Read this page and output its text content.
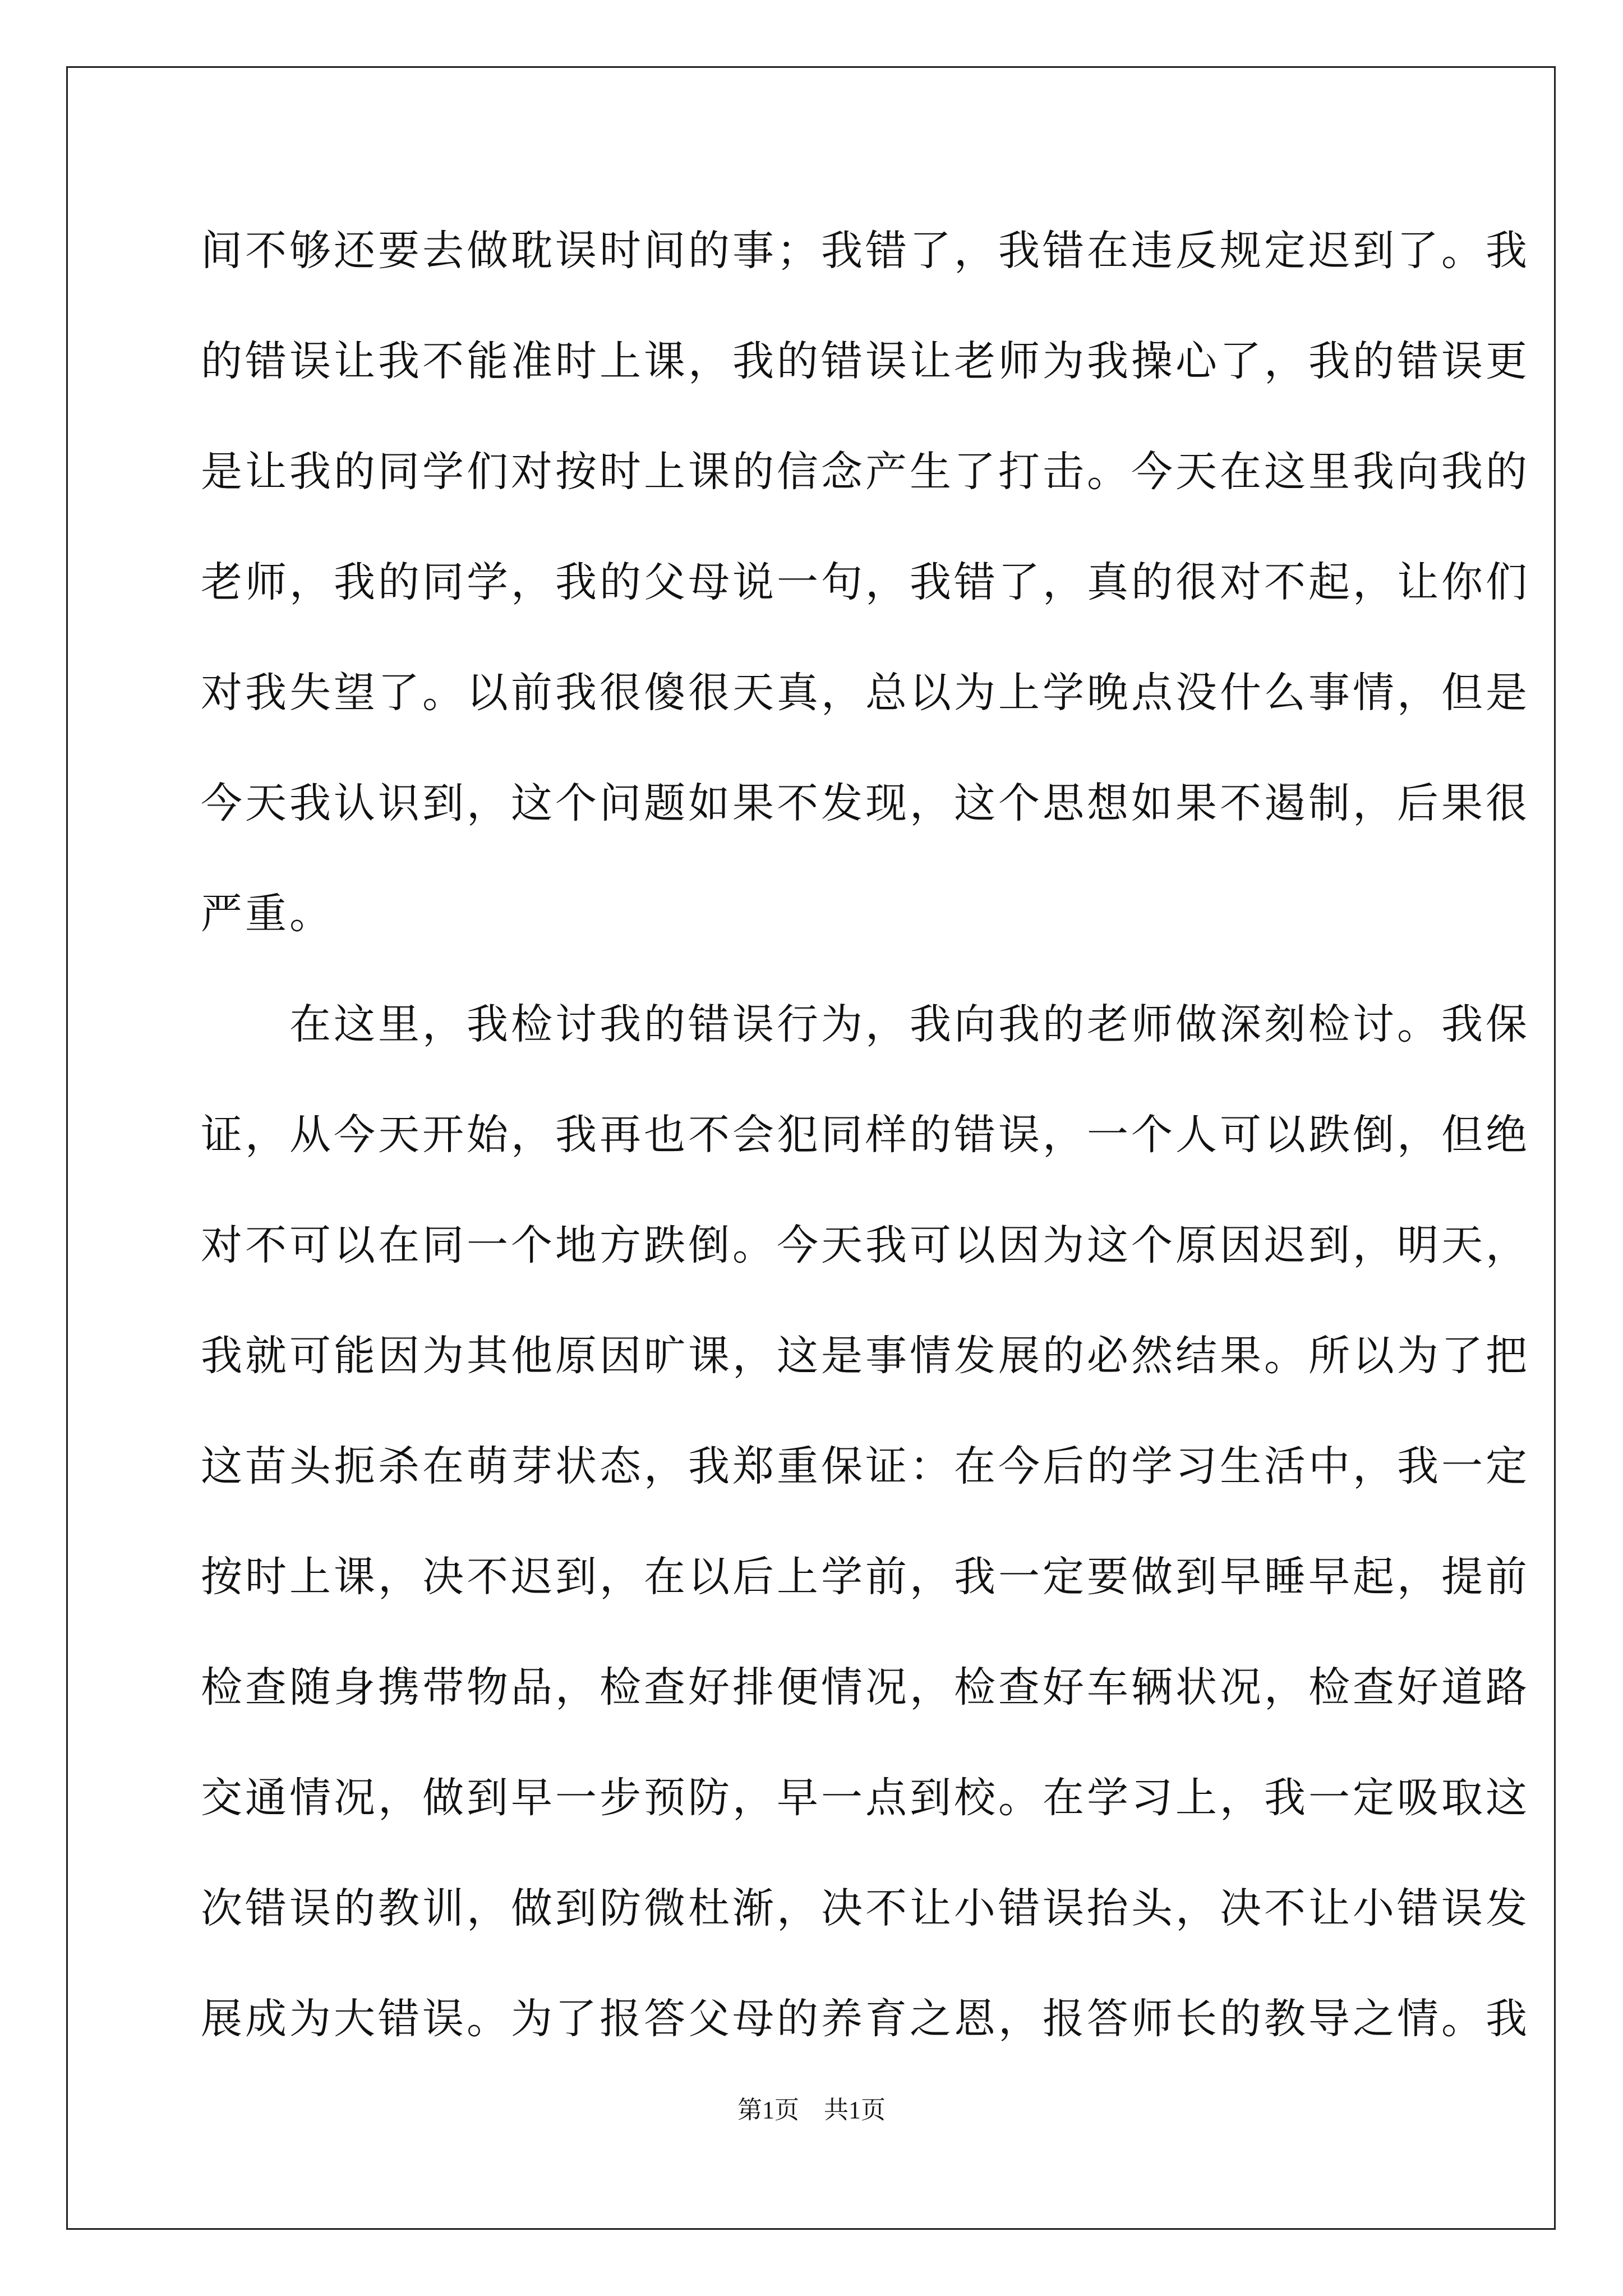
间不够还要去做耽误时间的事；我错了，我错在违反规定迟到了。我
的错误让我不能准时上课，我的错误让老师为我操心了，我的错误更
是让我的同学们对按时上课的信念产生了打击。今天在这里我向我的
老师，我的同学，我的父母说一句，我错了，真的很对不起，让你们
对我失望了。以前我很傻很天真，总以为上学晚点没什么事情，但是
今天我认识到，这个问题如果不发现，这个思想如果不遏制，后果很
严重。
　　在这里，我检讨我的错误行为，我向我的老师做深刻检讨。我保
证，从今天开始，我再也不会犯同样的错误，一个人可以跌倒，但绝
对不可以在同一个地方跌倒。今天我可以因为这个原因迟到，明天，
我就可能因为其他原因旷课，这是事情发展的必然结果。所以为了把
这苗头扼杀在萌芽状态，我郑重保证：在今后的学习生活中，我一定
按时上课，决不迟到，在以后上学前，我一定要做到早睡早起，提前
检查随身携带物品，检查好排便情况，检查好车辆状况，检查好道路
交通情况，做到早一步预防，早一点到校。在学习上，我一定吸取这
次错误的教训，做到防微杜渐，决不让小错误抬头，决不让小错误发
展成为大错误。为了报答父母的养育之恩，报答师长的教导之情。我
第1页 共1页
